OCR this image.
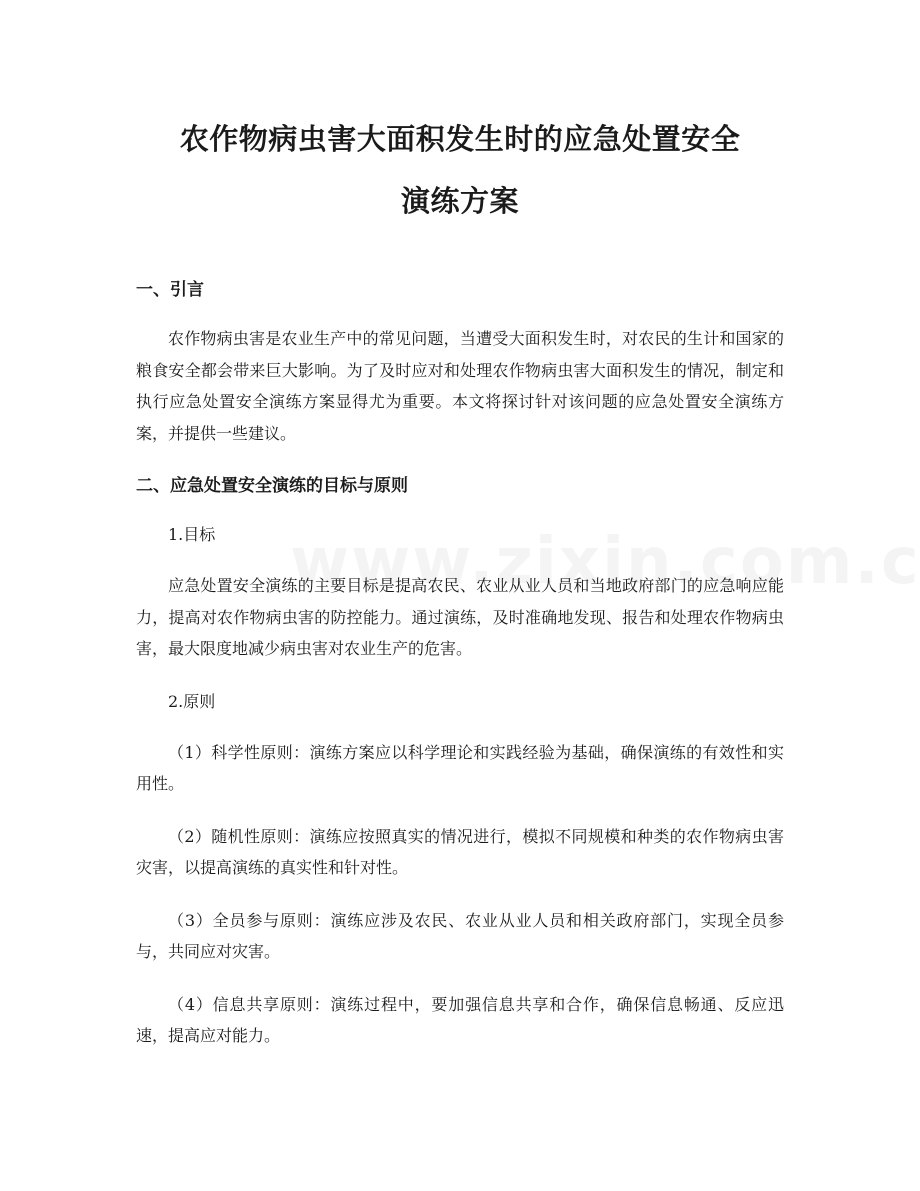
农作物病虫害大面积发生时的应急处置安全
演练方案
一、引言

农作物病虫害是农业生产中的常见问题，当遭受大面积发生时，对农民的生计和国家的粮食安全都会带来巨大影响。为了及时应对和处理农作物病虫害大面积发生的情况，制定和执行应急处置安全演练方案显得尤为重要。本文将探讨针对该问题的应急处置安全演练方案，并提供一些建议。

二、应急处置安全演练的目标与原则

1.目标

应急处置安全演练的主要目标是提高农民、农业从业人员和当地政府部门的应急响应能力，提高对农作物病虫害的防控能力。通过演练，及时准确地发现、报告和处理农作物病虫害，最大限度地减少病虫害对农业生产的危害。

2.原则

（1）科学性原则：演练方案应以科学理论和实践经验为基础，确保演练的有效性和实用性。

（2）随机性原则：演练应按照真实的情况进行，模拟不同规模和种类的农作物病虫害灾害，以提高演练的真实性和针对性。

（3）全员参与原则：演练应涉及农民、农业从业人员和相关政府部门，实现全员参与，共同应对灾害。

（4）信息共享原则：演练过程中，要加强信息共享和合作，确保信息畅通、反应迅速，提高应对能力。
